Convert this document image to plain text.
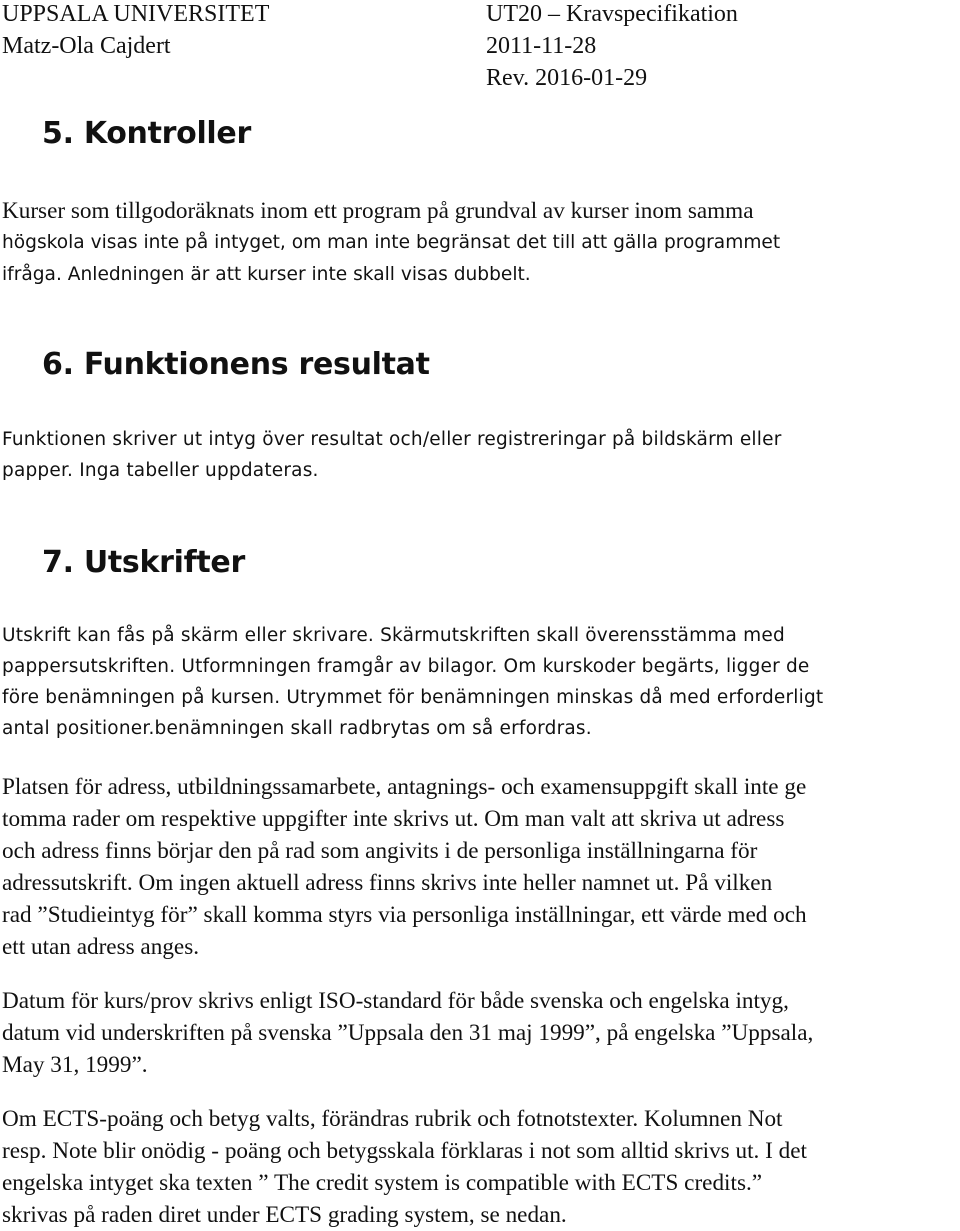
UPPSALA UNIVERSITET
Matz-Ola Cajdert
UT20 – Kravspecifikation
2011-11-28
Rev. 2016-01-29
5. Kontroller

Kurser som tillgodoräknats inom ett program på grundval av kurser inom samma
högskola visas inte på intyget, om man inte begränsat det till att gälla programmet
ifråga. Anledningen är att kurser inte skall visas dubbelt.

6. Funktionens resultat

Funktionen skriver ut intyg över resultat och/eller registreringar på bildskärm eller
papper. Inga tabeller uppdateras.

7. Utskrifter

Utskrift kan fås på skärm eller skrivare. Skärmutskriften skall överensstämma med
pappersutskriften. Utformningen framgår av bilagor. Om kurskoder begärts, ligger de
före benämningen på kursen. Utrymmet för benämningen minskas då med erforderligt
antal positioner.benämningen skall radbrytas om så erfordras.

Platsen för adress, utbildningssamarbete, antagnings- och examensuppgift skall inte ge
tomma rader om respektive uppgifter inte skrivs ut. Om man valt att skriva ut adress
och adress finns börjar den på rad som angivits i de personliga inställningarna för
adressutskrift. Om ingen aktuell adress finns skrivs inte heller namnet ut. På vilken
rad ”Studieintyg för” skall komma styrs via personliga inställningar, ett värde med och
ett utan adress anges.

Datum för kurs/prov skrivs enligt ISO-standard för både svenska och engelska intyg,
datum vid underskriften på svenska ”Uppsala den 31 maj 1999”, på engelska ”Uppsala,
May 31, 1999”.

Om ECTS-poäng och betyg valts, förändras rubrik och fotnotstexter. Kolumnen Not
resp. Note blir onödig - poäng och betygsskala förklaras i not som alltid skrivs ut. I det
engelska intyget ska texten ” The credit system is compatible with ECTS credits.”
skrivas på raden diret under ECTS grading system, se nedan.
